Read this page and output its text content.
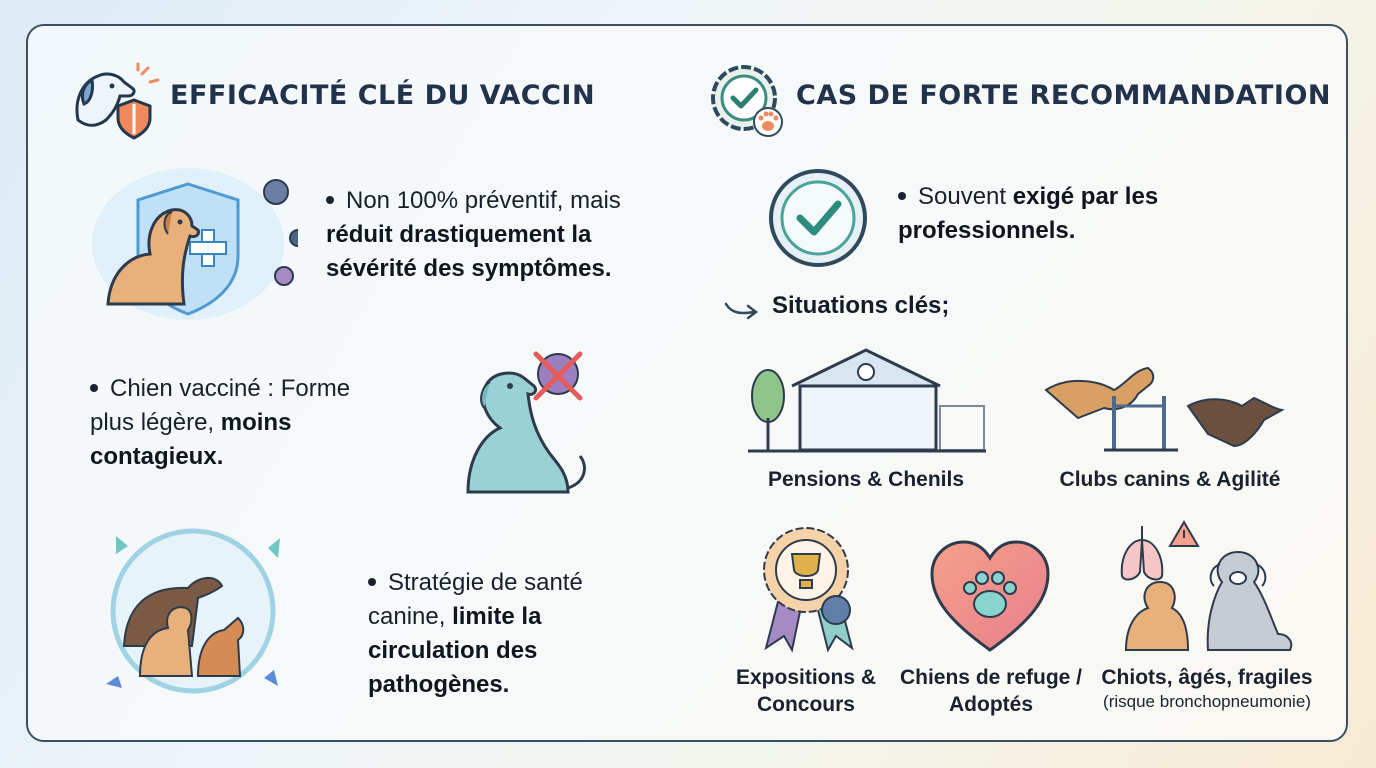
EFFICACITÉ CLÉ DU VACCIN	CAS DE FORTE RECOMMANDATION
Non 100% préventif, mais réduit drastiquement la sévérité des symptômes.
Chien vacciné : Forme plus légère, moins contagieux.
Stratégie de santé canine, limite la circulation des pathogènes.
Souvent exigé par les professionnels.
Situations clés;
Pensions & Chenils	Clubs canins & Agilité
Expositions & Concours
Chiens de refuge / Adoptés
Chiots, âgés, fragiles
(risque bronchopneumonie)
